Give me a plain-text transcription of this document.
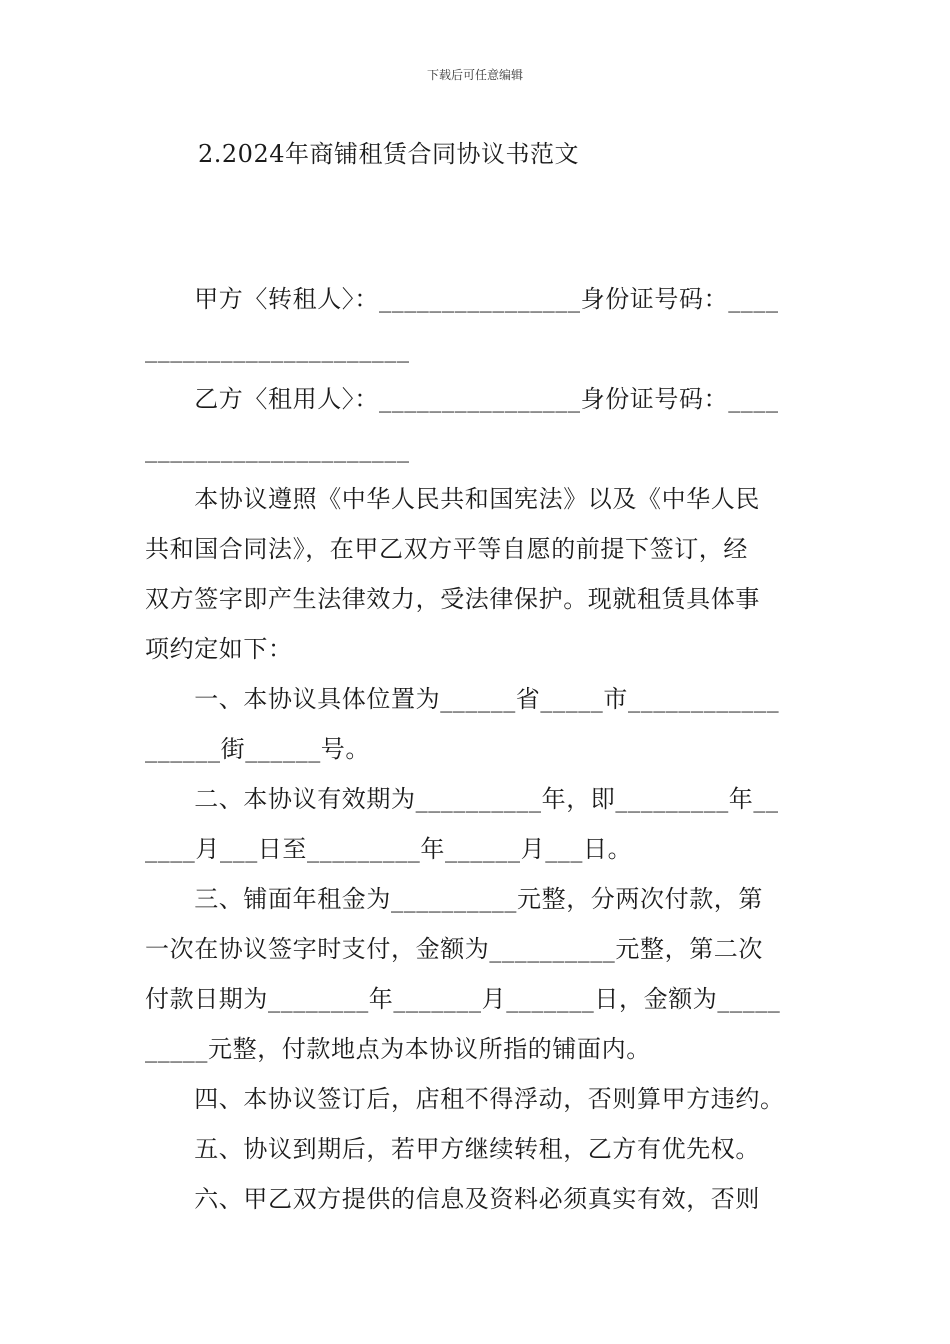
下载后可任意编辑
2.2024年商铺租赁合同协议书范文
　　甲方〈转租人〉：________________身份证号码：____
_____________________
　　乙方〈租用人〉：________________身份证号码：____
_____________________
　　本协议遵照《中华人民共和国宪法》以及《中华人民
共和国合同法》，在甲乙双方平等自愿的前提下签订，经
双方签字即产生法律效力，受法律保护。现就租赁具体事
项约定如下：
　　一、本协议具体位置为______省_____市____________
______街______号。
　　二、本协议有效期为__________年，即_________年__
____月___日至_________年______月___日。
　　三、铺面年租金为__________元整，分两次付款，第
一次在协议签字时支付，金额为__________元整，第二次
付款日期为________年_______月_______日，金额为_____
_____元整，付款地点为本协议所指的铺面内。
　　四、本协议签订后，店租不得浮动，否则算甲方违约。
　　五、协议到期后，若甲方继续转租，乙方有优先权。
　　六、甲乙双方提供的信息及资料必须真实有效，否则
